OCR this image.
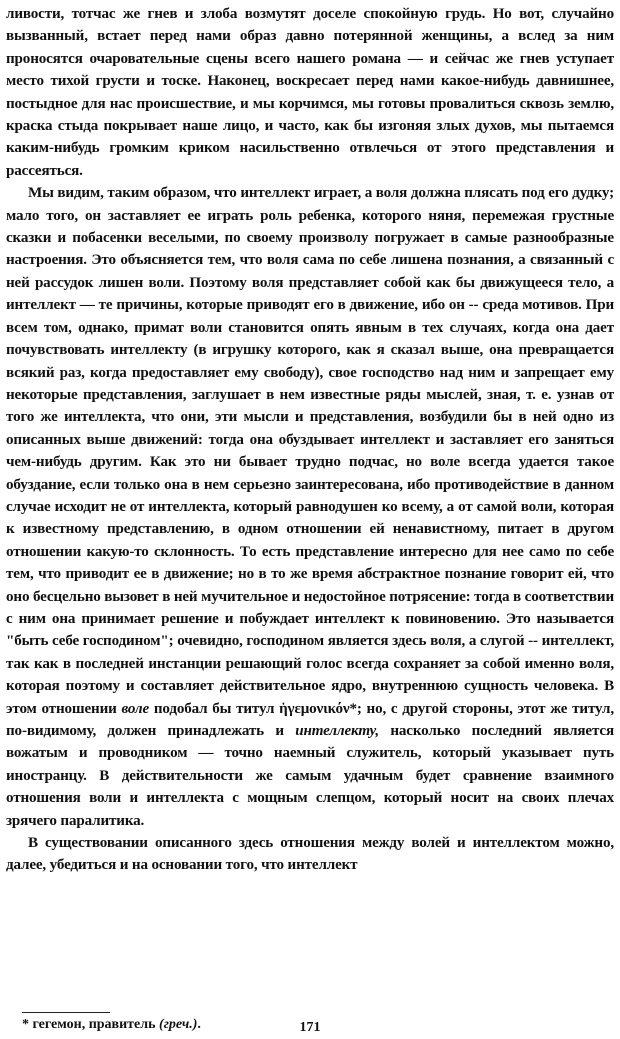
ливости, тотчас же гнев и злоба возмутят доселе спокойную грудь. Но вот, случайно вызванный, встает перед нами образ давно потерянной женщины, а вслед за ним проносятся очаровательные сцены всего нашего романа — и сейчас же гнев уступает место тихой грусти и тоске. Наконец, воскресает перед нами какое-нибудь давнишнее, постыдное для нас происшествие, и мы корчимся, мы готовы провалиться сквозь землю, краска стыда покрывает наше лицо, и часто, как бы изгоняя злых духов, мы пытаемся каким-нибудь громким криком насильственно отвлечься от этого представления и рассеяться.

Мы видим, таким образом, что интеллект играет, а воля должна плясать под его дудку; мало того, он заставляет ее играть роль ребенка, которого няня, перемежая грустные сказки и побасенки веселыми, по своему произволу погружает в самые разнообразные настроения. Это объясняется тем, что воля сама по себе лишена познания, а связанный с ней рассудок лишен воли. Поэтому воля представляет собой как бы движущееся тело, а интеллект — те причины, которые приводят его в движение, ибо он -- среда мотивов. При всем том, однако, примат воли становится опять явным в тех случаях, когда она дает почувствовать интеллекту (в игрушку которого, как я сказал выше, она превращается всякий раз, когда предоставляет ему свободу), свое господство над ним и запрещает ему некоторые представления, заглушает в нем известные ряды мыслей, зная, т. е. узнав от того же интеллекта, что они, эти мысли и представления, возбудили бы в ней одно из описанных выше движений: тогда она обуздывает интеллект и заставляет его заняться чем-нибудь другим. Как это ни бывает трудно подчас, но воле всегда удается такое обуздание, если только она в нем серьезно заинтересована, ибо противодействие в данном случае исходит не от интеллекта, который равнодушен ко всему, а от самой воли, которая к известному представлению, в одном отношении ей ненавистному, питает в другом отношении какую-то склонность. То есть представление интересно для нее само по себе тем, что приводит ее в движение; но в то же время абстрактное познание говорит ей, что оно бесцельно вызовет в ней мучительное и недостойное потрясение: тогда в соответствии с ним она принимает решение и побуждает интеллект к повиновению. Это называется "быть себе господином"; очевидно, господином является здесь воля, а слугой -- интеллект, так как в последней инстанции решающий голос всегда сохраняет за собой именно воля, которая поэтому и составляет действительное ядро, внутреннюю сущность человека. В этом отношении воле подобал бы титул ἡγεμονικόν*; но, с другой стороны, этот же титул, по-видимому, должен принадлежать и интеллекту, насколько последний является вожатым и проводником — точно наемный служитель, который указывает путь иностранцу. В действительности же самым удачным будет сравнение взаимного отношения воли и интеллекта с мощным слепцом, который носит на своих плечах зрячего паралитика.

В существовании описанного здесь отношения между волей и интеллектом можно, далее, убедиться и на основании того, что интеллект

* гегемон, правитель (греч.).	171
